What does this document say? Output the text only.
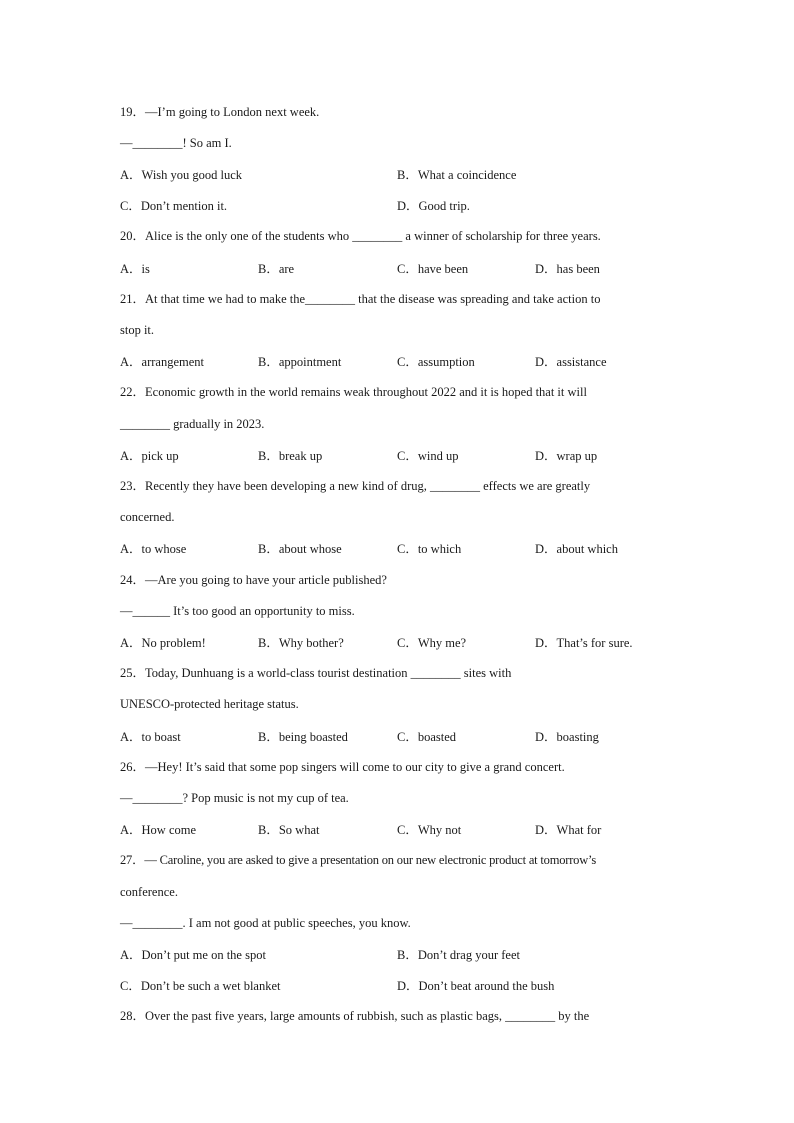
19．—I’m going to London next week.
—________! So am I.
A．Wish you good luck	B．What a coincidence
C．Don’t mention it.	D．Good trip.
20．Alice is the only one of the students who ________ a winner of scholarship for three years.
A．is	B．are	C．have been	D．has been
21．At that time we had to make the________ that the disease was spreading and take action to
stop it.
A．arrangement	B．appointment	C．assumption	D．assistance
22．Economic growth in the world remains weak throughout 2022 and it is hoped that it will
________ gradually in 2023.
A．pick up	B．break up	C．wind up	D．wrap up
23．Recently they have been developing a new kind of drug, ________ effects we are greatly
concerned.
A．to whose	B．about whose	C．to which	D．about which
24．—Are you going to have your article published?
—______ It’s too good an opportunity to miss.
A．No problem!	B．Why bother?	C．Why me?	D．That’s for sure.
25．Today, Dunhuang is a world-class tourist destination ________ sites with
UNESCO-protected heritage status.
A．to boast	B．being boasted	C．boasted	D．boasting
26．—Hey! It’s said that some pop singers will come to our city to give a grand concert.
—________? Pop music is not my cup of tea.
A．How come	B．So what	C．Why not	D．What for
27．— Caroline, you are asked to give a presentation on our new electronic product at tomorrow’s
conference.
—________. I am not good at public speeches, you know.
A．Don’t put me on the spot	B．Don’t drag your feet
C．Don’t be such a wet blanket	D．Don’t beat around the bush
28．Over the past five years, large amounts of rubbish, such as plastic bags, ________ by the
